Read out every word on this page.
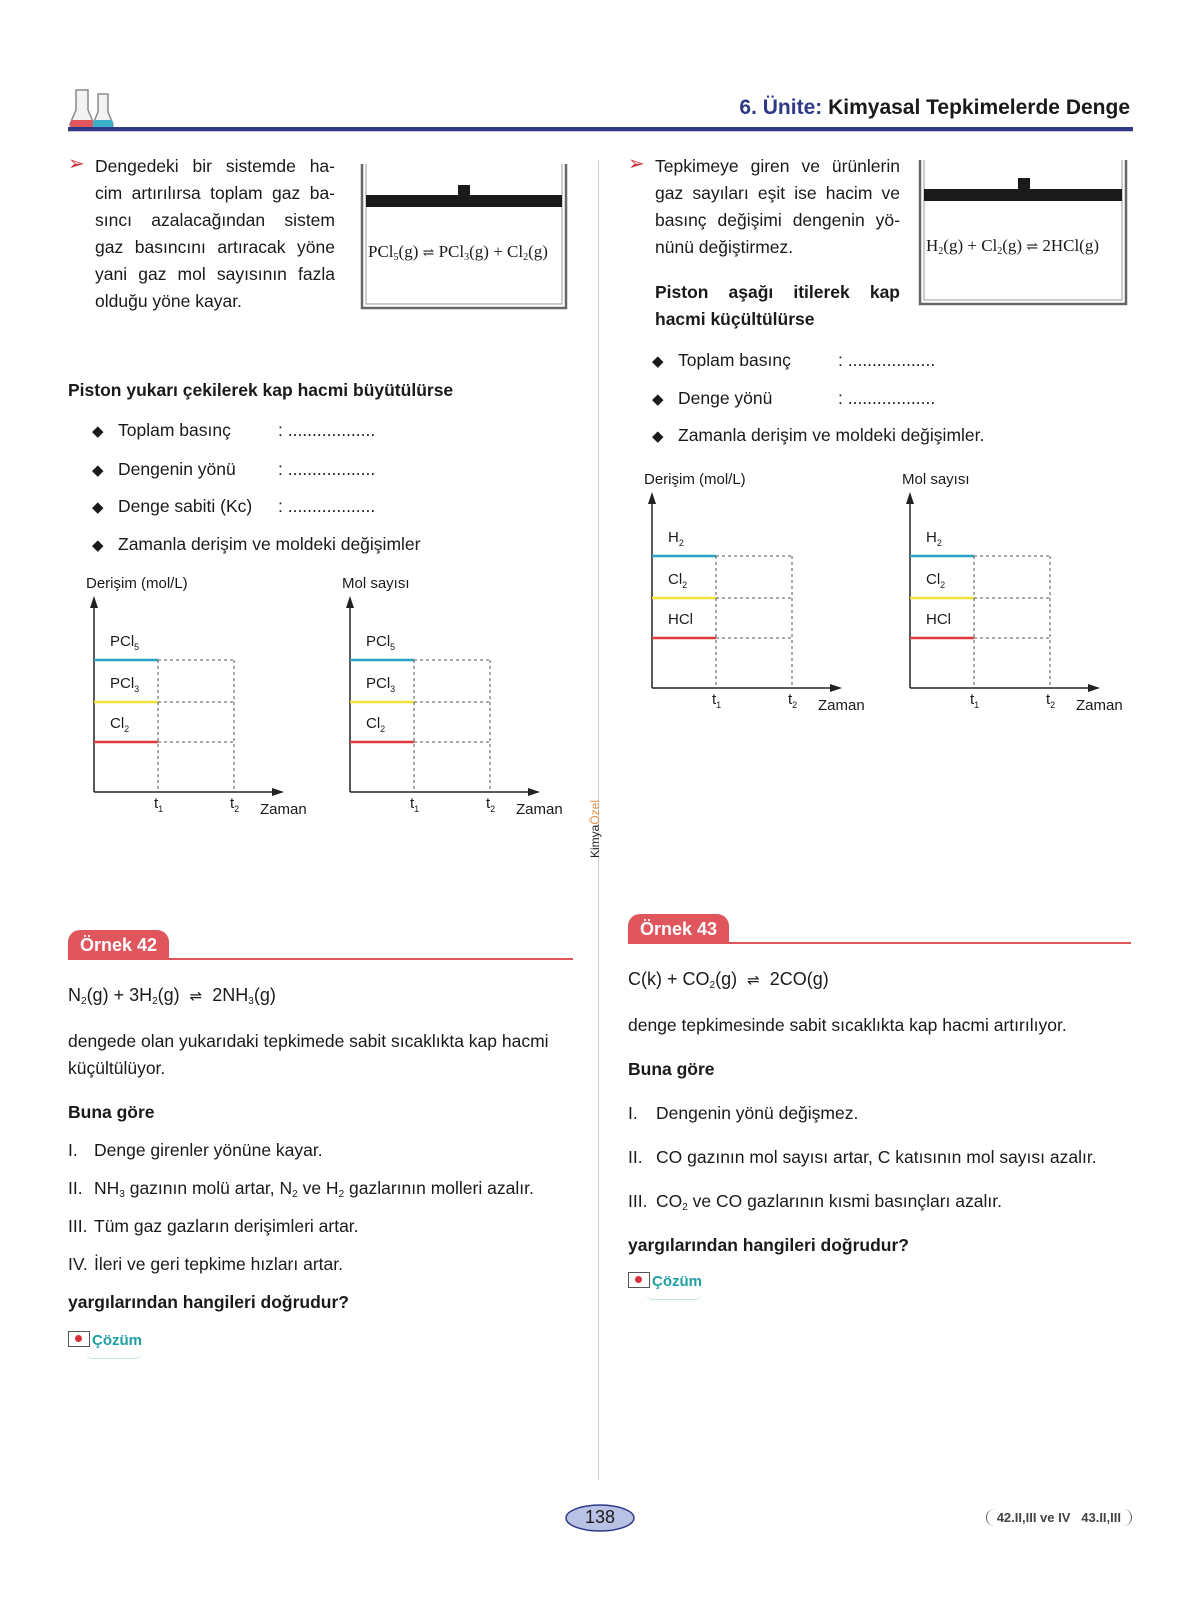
6. Ünite: Kimyasal Tepkimelerde Denge
KimyaÖzel
➢ Dengedeki bir sistemde ha-
cim artırılırsa toplam gaz ba-
sıncı azalacağından sistem
gaz basıncını artıracak yöne
yani gaz mol sayısının fazla
olduğu yöne kayar.
PCl$_5$(g) ⇌ $PCl_3(g) + Cl_2(g)$
Piston yukarı çekilerek kap hacmi büyütülürse
◆ Toplam basınç	: ..................
◆ Dengenin yönü : ..................
◆ Denge sabiti (Kc) : ..................
◆ Zamanla derişim ve moldeki değişimler
Derişim (mol/L)
PCl$_5$
PCl$_3$
$Cl_2$
$t_1$	$t_2$ Zaman
Mol sayısı
PCl$_5$
PCl$_3$
$Cl_2$
$t_1$	$t_2$ Zaman
➢ Tepkimeye giren ve ürünlerin
gaz sayıları eşit ise hacim ve
basınç değişimi dengenin yö-
nünü değiştirmez.	$H_2(g) + Cl_2(g)$ ⇌ 2HCl(g)
Piston aşağı itilerek kap
hacmi küçültülürse
◆ Toplam basınç	: ..................
◆ Denge yönü	: ..................
◆ Zamanla derişim ve moldeki değişimler.
Derişim (mol/L)
$H_2$
$Cl_2$
HCl
$t_1$	$t_2$ Zaman
Mol sayısı
$H_2$
$Cl_2$
HCl
$t_1$	$t_2$ Zaman
Örnek 42
$N_2(g) + 3H_2(g)$ ⇌ $2NH_3(g)$
dengede olan yukarıdaki tepkimede sabit sıcaklıkta kap hacmi küçültülüyor.
Buna göre
I. Denge girenler yönüne kayar.
II. $NH_3$ gazının molü artar, $N_2$ ve $H_2$ gazlarının molleri azalır.
III. Tüm gaz gazların derişimleri artar.
IV. İleri ve geri tepkime hızları artar.
yargılarından hangileri doğrudur?
Çözüm
Örnek 43
$C(k) + CO_2(g)$ ⇌ 2CO(g)
denge tepkimesinde sabit sıcaklıkta kap hacmi artırılıyor.
Buna göre
I. Dengenin yönü değişmez.
II. CO gazının mol sayısı artar, C katısının mol sayısı azalır.
III. $CO_2$ ve CO gazlarının kısmi basınçları azalır.
yargılarından hangileri doğrudur?
Çözüm
138	42.II,III ve IV 43.II,III
